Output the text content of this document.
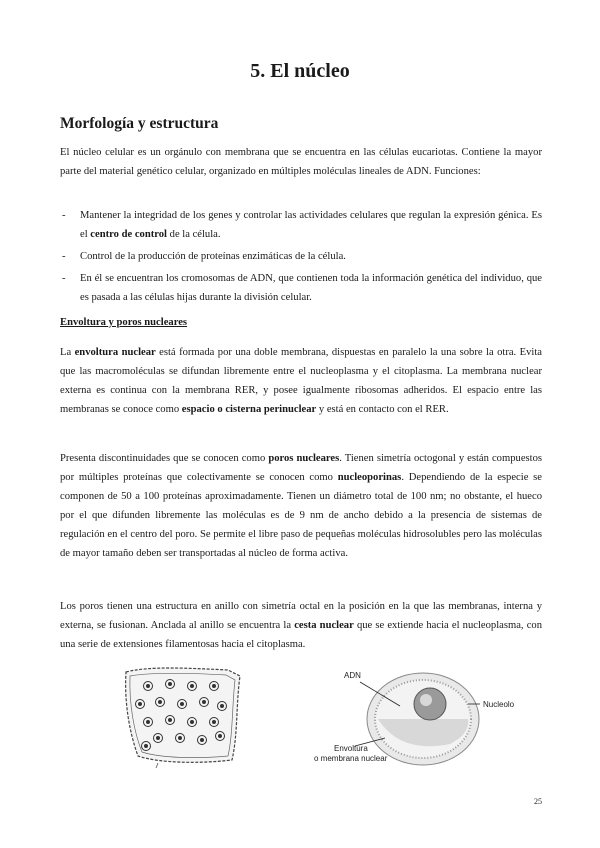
5. El núcleo
Morfología y estructura

El núcleo celular es un orgánulo con membrana que se encuentra en las células eucariotas. Contiene la mayor parte del material genético celular, organizado en múltiples moléculas lineales de ADN. Funciones:

- Mantener la integridad de los genes y controlar las actividades celulares que regulan la expresión génica. Es el centro de control de la célula.
- Control de la producción de proteínas enzimáticas de la célula.
- En él se encuentran los cromosomas de ADN, que contienen toda la información genética del individuo, que es pasada a las células hijas durante la división celular.

Envoltura y poros nucleares

La envoltura nuclear está formada por una doble membrana, dispuestas en paralelo la una sobre la otra. Evita que las macromoléculas se difundan libremente entre el nucleoplasma y el citoplasma. La membrana nuclear externa es continua con la membrana RER, y posee igualmente ribosomas adheridos. El espacio entre las membranas se conoce como espacio o cisterna perinuclear y está en contacto con el RER.

Presenta discontinuidades que se conocen como poros nucleares. Tienen simetría octogonal y están compuestos por múltiples proteínas que colectivamente se conocen como nucleoporinas. Dependiendo de la especie se componen de 50 a 100 proteínas aproximadamente. Tienen un diámetro total de 100 nm; no obstante, el hueco por el que difunden libremente las moléculas es de 9 nm de ancho debido a la presencia de sistemas de regulación en el centro del poro. Se permite el libre paso de pequeñas moléculas hidrosolubles pero las moléculas de mayor tamaño deben ser transportadas al núcleo de forma activa.

Los poros tienen una estructura en anillo con simetría octal en la posición en la que las membranas, interna y externa, se fusionan. Anclada al anillo se encuentra la cesta nuclear que se extiende hacia el nucleoplasma, con una serie de extensiones filamentosas hacia el citoplasma.

ADN
Nucleolo
Envoltura
o membrana nuclear
25
